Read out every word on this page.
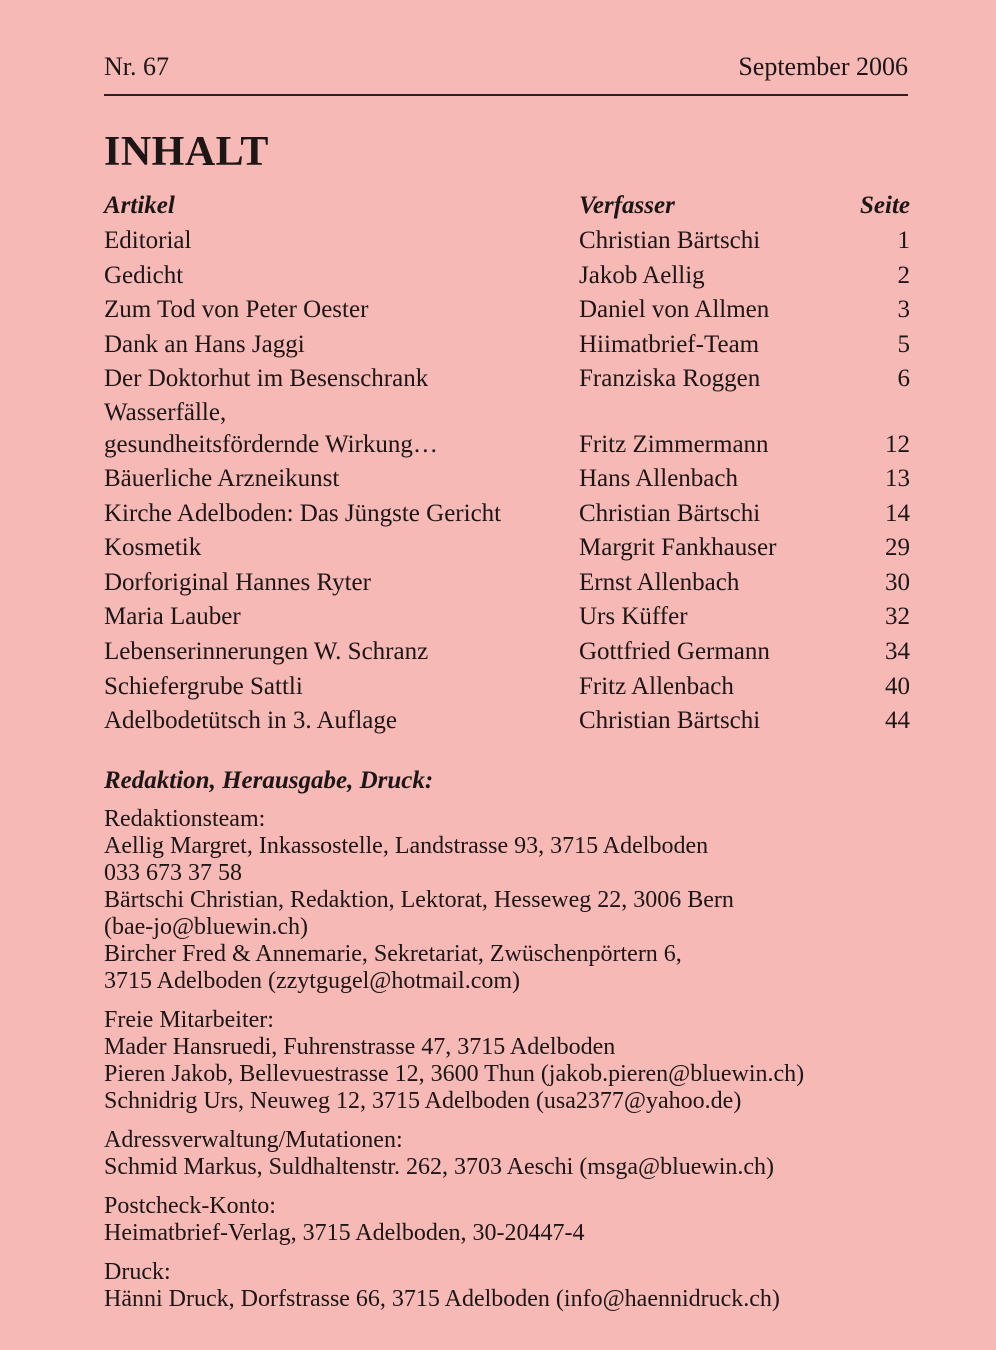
Nr. 67	September 2006
INHALT
Artikel	Verfasser	Seite
Editorial	Christian Bärtschi	1
Gedicht	Jakob Aellig	2
Zum Tod von Peter Oester	Daniel von Allmen	3
Dank an Hans Jaggi	Hiimatbrief-Team	5
Der Doktorhut im Besenschrank	Franziska Roggen	6
Wasserfälle,
gesundheitsfördernde Wirkung…	Fritz Zimmermann	12
Bäuerliche Arzneikunst	Hans Allenbach	13
Kirche Adelboden: Das Jüngste Gericht	Christian Bärtschi	14
Kosmetik	Margrit Fankhauser	29
Dorforiginal Hannes Ryter	Ernst Allenbach	30
Maria Lauber	Urs Küffer	32
Lebenserinnerungen W. Schranz	Gottfried Germann	34
Schiefergrube Sattli	Fritz Allenbach	40
Adelbodetütsch in 3. Auflage	Christian Bärtschi	44
Redaktion, Herausgabe, Druck:
Redaktionsteam:
Aellig Margret, Inkassostelle, Landstrasse 93, 3715 Adelboden
033 673 37 58
Bärtschi Christian, Redaktion, Lektorat, Hesseweg 22, 3006 Bern
(bae-jo@bluewin.ch)
Bircher Fred & Annemarie, Sekretariat, Zwüschenpörtern 6,
3715 Adelboden (zzytgugel@hotmail.com)
Freie Mitarbeiter:
Mader Hansruedi, Fuhrenstrasse 47, 3715 Adelboden
Pieren Jakob, Bellevuestrasse 12, 3600 Thun (jakob.pieren@bluewin.ch)
Schnidrig Urs, Neuweg 12, 3715 Adelboden (usa2377@yahoo.de)
Adressverwaltung/Mutationen:
Schmid Markus, Suldhaltenstr. 262, 3703 Aeschi (msga@bluewin.ch)
Postcheck-Konto:
Heimatbrief-Verlag, 3715 Adelboden, 30-20447-4
Druck:
Hänni Druck, Dorfstrasse 66, 3715 Adelboden (info@haennidruck.ch)
